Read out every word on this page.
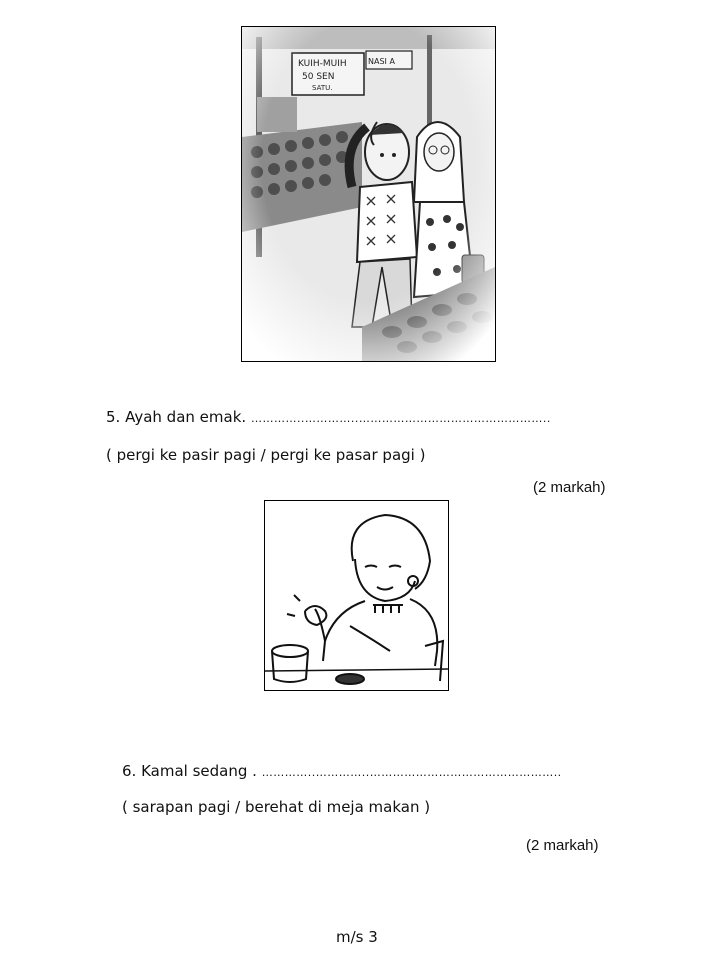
5. Ayah dan emak. …………..…………..…………………………………………..
( pergi ke pasir pagi / pergi ke pasar pagi )
(2 markah)
6. Kamal sedang . …………..…………..…………………………………………..
( sarapan pagi / berehat di meja makan )
(2 markah)
m/s 3
